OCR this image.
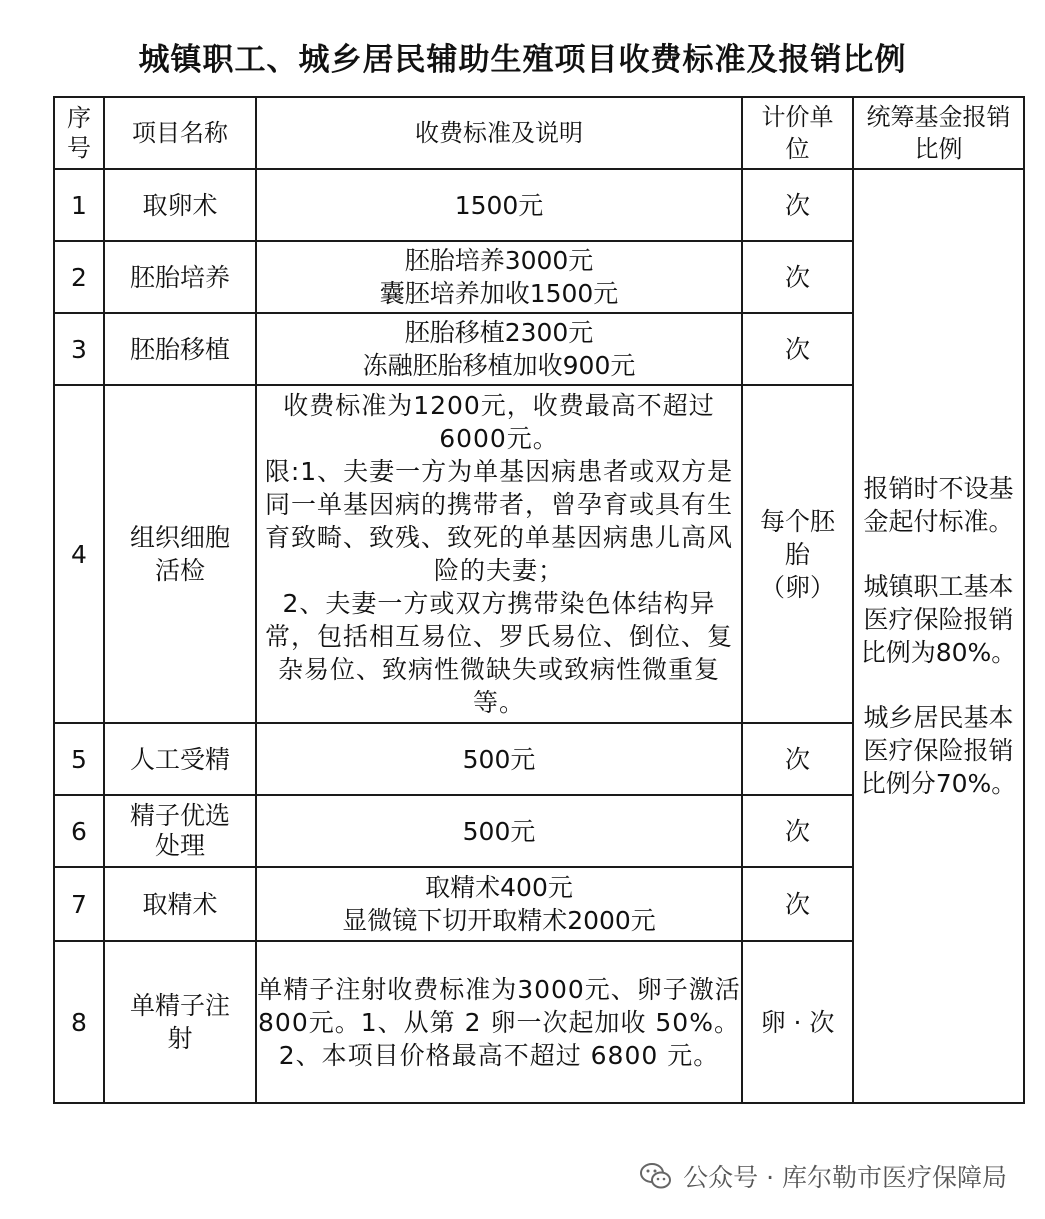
城镇职工、城乡居民辅助生殖项目收费标准及报销比例
序号	项目名称	收费标准及说明	计价单位	统筹基金报销比例
1	取卵术	1500元	次	报销时不设基金起付标准。

城镇职工基本医疗保险报销比例为80%。

城乡居民基本医疗保险报销比例分70%。

2	胚胎培养	胚胎培养3000元
囊胚培养加收1500元	次	
3	胚胎移植	胚胎移植2300元
冻融胚胎移植加收900元	次	
4	组织细胞活检	收费标准为1200元，收费最高不超过 6000元。
限:1、夫妻一方为单基因病患者或双方是同一单基因病的携带者，曾孕育或具有生育致畸、致残、致死的单基因病患儿高风险的夫妻；
2、夫妻一方或双方携带染色体结构异常，包括相互易位、罗氏易位、倒位、复杂易位、致病性微缺失或致病性微重复等。	每个胚胎（卵）	
5	人工受精	500元	次	
6	精子优选处理	500元	次	
7	取精术	取精术400元
显微镜下切开取精术2000元	次	
8	单精子注射	单精子注射收费标准为3000元、卵子激活800元。1、从第 2 卵一次起加收 50%。
2、本项目价格最高不超过 6800 元。	卵 · 次	
公众号 · 库尔勒市医疗保障局
